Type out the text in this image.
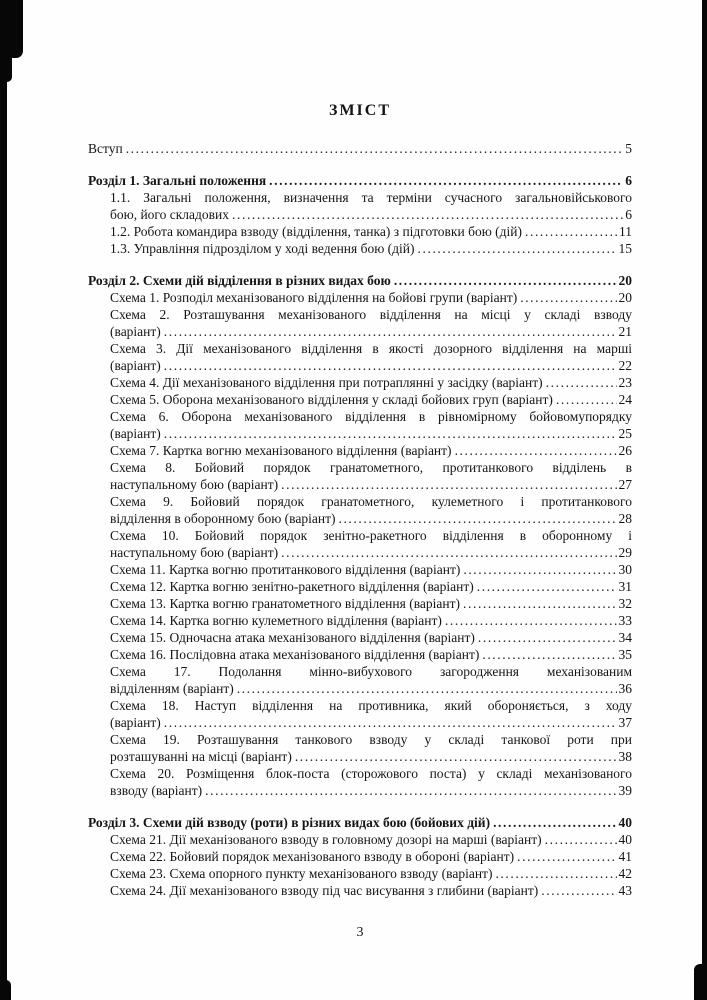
ЗМІСТ
Вступ .....	5
Розділ 1. Загальні положення .....	6
1.1. Загальні положення, визначення та терміни сучасного загальновійськового
бою, його складових .....	6
1.2. Робота командира взводу (відділення, танка) з підготовки бою (дій) .....	11
1.3. Управління підрозділом у ході ведення бою (дій) .....	15
Розділ 2. Схеми дій відділення в різних видах бою .....	20
Схема 1. Розподіл механізованого відділення на бойові групи (варіант) .....	20
Схема 2. Розташування механізованого відділення на місці у складі взводу
(варіант) .....	21
Схема 3. Дії механізованого відділення в якості дозорного відділення на марші
(варіант) .....	22
Схема 4. Дії механізованого відділення при потраплянні у засідку (варіант) .....	23
Схема 5. Оборона механізованого відділення у складі бойових груп (варіант) .....	24
Схема 6. Оборона механізованого відділення в рівномірному бойовомупорядку
(варіант) .....	25
Схема 7. Картка вогню механізованого відділення (варіант) .....	26
Схема 8. Бойовий порядок гранатометного, протитанкового відділень в
наступальному бою (варіант) .....	27
Схема 9. Бойовий порядок гранатометного, кулеметного і протитанкового
відділення в оборонному бою (варіант) .....	28
Схема 10. Бойовий порядок зенітно-ракетного відділення в оборонному і
наступальному бою (варіант) .....	29
Схема 11. Картка вогню протитанкового відділення (варіант) .....	30
Схема 12. Картка вогню зенітно-ракетного відділення (варіант) .....	31
Схема 13. Картка вогню гранатометного відділення (варіант) .....	32
Схема 14. Картка вогню кулеметного відділення (варіант) .....	33
Схема 15. Одночасна атака механізованого відділення (варіант) .....	34
Схема 16. Послідовна атака механізованого відділення (варіант) .....	35
Схема 17. Подолання мінно-вибухового загородження механізованим
відділенням (варіант) .....	36
Схема 18. Наступ відділення на противника, який обороняється, з ходу
(варіант) .....	37
Схема 19. Розташування танкового взводу у складі танкової роти при
розташуванні на місці (варіант) .....	38
Схема 20. Розміщення блок-поста (сторожового поста) у складі механізованого
взводу (варіант) .....	39
Розділ 3. Схеми дій взводу (роти) в різних видах бою (бойових дій) .....	40
Схема 21. Дії механізованого взводу в головному дозорі на марші (варіант) .....	40
Схема 22. Бойовий порядок механізованого взводу в обороні (варіант) .....	41
Схема 23. Схема опорного пункту механізованого взводу (варіант) .....	42
Схема 24. Дії механізованого взводу під час висування з глибини (варіант) .....	43
3
